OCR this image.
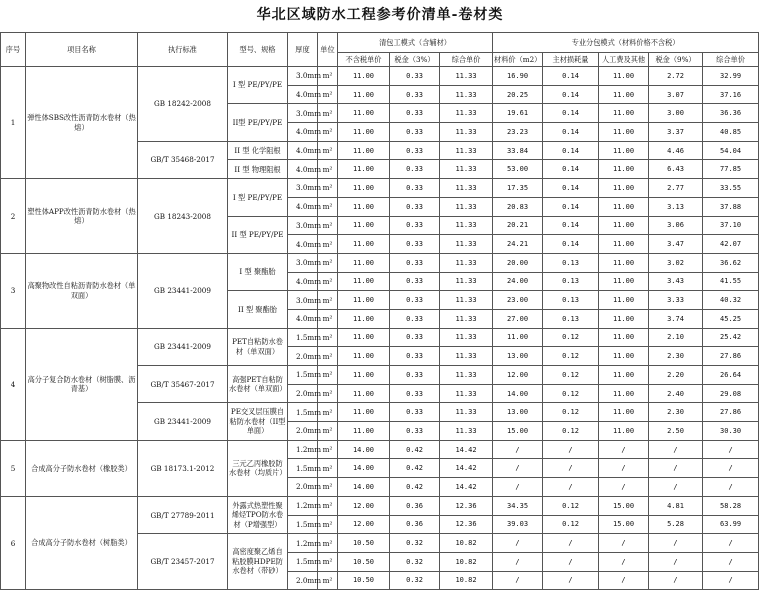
华北区域防水工程参考价清单-卷材类
序号	项目名称	执行标准	型号、规格	厚度	单位	清包工模式（含辅材）			专业分包模式（材料价格不含税）				
						不含税单价	税金（3%）	综合单价	材料价（m2）	主材损耗量	人工费及其他	税金（9%）	综合单价
1	弹性体SBS改性沥青防水卷材（热熔）	GB 18242-2008	I 型 PE/PY/PE	3.0mm	m²	11.00	0.33	11.33	16.90	0.14	11.00	2.72	32.99
				4.0mm	m²	11.00	0.33	11.33	20.25	0.14	11.00	3.07	37.16
			II型 PE/PY/PE	3.0mm	m²	11.00	0.33	11.33	19.61	0.14	11.00	3.00	36.36
				4.0mm	m²	11.00	0.33	11.33	23.23	0.14	11.00	3.37	40.85
		GB/T 35468-2017	II 型 化学阻根	4.0mm	m²	11.00	0.33	11.33	33.84	0.14	11.00	4.46	54.04
			II 型 物理阻根	4.0mm	m²	11.00	0.33	11.33	53.00	0.14	11.00	6.43	77.85
2	塑性体APP改性沥青防水卷材（热熔）	GB 18243-2008	I 型 PE/PY/PE	3.0mm	m²	11.00	0.33	11.33	17.35	0.14	11.00	2.77	33.55
				4.0mm	m²	11.00	0.33	11.33	20.83	0.14	11.00	3.13	37.88
			II 型 PE/PY/PE	3.0mm	m²	11.00	0.33	11.33	20.21	0.14	11.00	3.06	37.10
				4.0mm	m²	11.00	0.33	11.33	24.21	0.14	11.00	3.47	42.07
3	高聚物改性自粘沥青防水卷材（单双面）	GB 23441-2009	I 型 聚酯胎	3.0mm	m²	11.00	0.33	11.33	20.00	0.13	11.00	3.02	36.62
				4.0mm	m²	11.00	0.33	11.33	24.00	0.13	11.00	3.43	41.55
			II 型 聚酯胎	3.0mm	m²	11.00	0.33	11.33	23.00	0.13	11.00	3.33	40.32
				4.0mm	m²	11.00	0.33	11.33	27.00	0.13	11.00	3.74	45.25
4	高分子复合防水卷材（树脂膜、沥青基）	GB 23441-2009	PET自粘防水卷材（单双面）	1.5mm	m²	11.00	0.33	11.33	11.00	0.12	11.00	2.10	25.42
				2.0mm	m²	11.00	0.33	11.33	13.00	0.12	11.00	2.30	27.86
		GB/T 35467-2017	高强PET自粘防水卷材（单双面）	1.5mm	m²	11.00	0.33	11.33	12.00	0.12	11.00	2.20	26.64
				2.0mm	m²	11.00	0.33	11.33	14.00	0.12	11.00	2.40	29.08
		GB 23441-2009	PE交叉层压膜自粘防水卷材（II型单面）	1.5mm	m²	11.00	0.33	11.33	13.00	0.12	11.00	2.30	27.86
				2.0mm	m²	11.00	0.33	11.33	15.00	0.12	11.00	2.50	30.30
5	合成高分子防水卷材（橡胶类）	GB 18173.1-2012	三元乙丙橡胶防水卷材（均质片）	1.2mm	m²	14.00	0.42	14.42	/	/	/	/	/
				1.5mm	m²	14.00	0.42	14.42	/	/	/	/	/
				2.0mm	m²	14.00	0.42	14.42	/	/	/	/	/
6	合成高分子防水卷材（树脂类）	GB/T 27789-2011	外露式热塑性聚烯烃TPO防水卷材（P增强型）	1.2mm	m²	12.00	0.36	12.36	34.35	0.12	15.00	4.81	58.28
				1.5mm	m²	12.00	0.36	12.36	39.03	0.12	15.00	5.28	63.99
		GB/T 23457-2017	高密度聚乙烯自粘胶膜HDPE防水卷材（带砂）	1.2mm	m²	10.50	0.32	10.82	/	/	/	/	/
				1.5mm	m²	10.50	0.32	10.82	/	/	/	/	/
				2.0mm	m²	10.50	0.32	10.82	/	/	/	/	/
